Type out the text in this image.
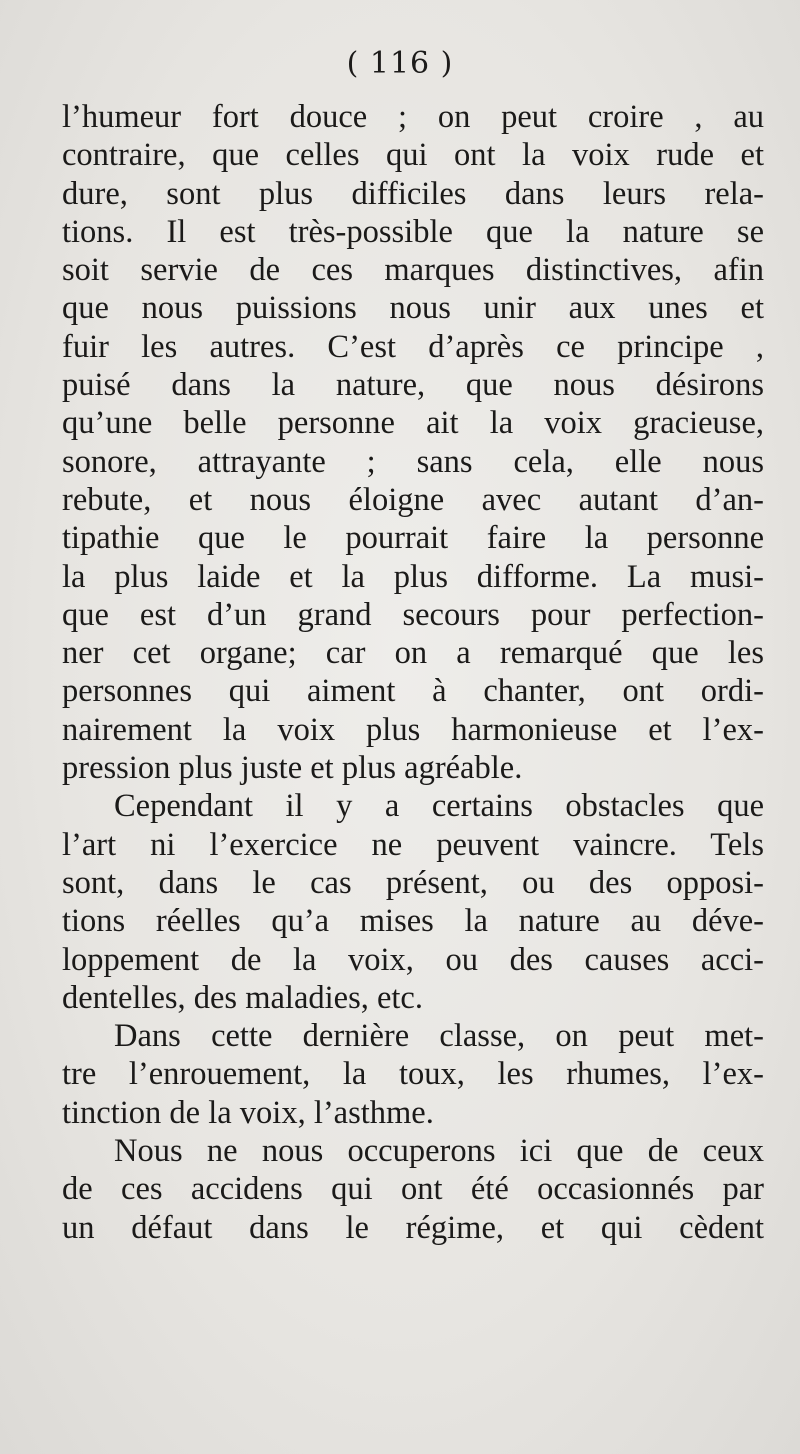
( 116 )
l’humeur fort douce ; on peut croire , au
contraire, que celles qui ont la voix rude et
dure, sont plus difficiles dans leurs rela-
tions. Il est très-possible que la nature se
soit servie de ces marques distinctives, afin
que nous puissions nous unir aux unes et
fuir les autres. C’est d’après ce principe ,
puisé dans la nature, que nous désirons
qu’une belle personne ait la voix gracieuse,
sonore, attrayante ; sans cela, elle nous
rebute, et nous éloigne avec autant d’an-
tipathie que le pourrait faire la personne
la plus laide et la plus difforme. La musi-
que est d’un grand secours pour perfection-
ner cet organe; car on a remarqué que les
personnes qui aiment à chanter, ont ordi-
nairement la voix plus harmonieuse et l’ex-
pression plus juste et plus agréable.
Cependant il y a certains obstacles que
l’art ni l’exercice ne peuvent vaincre. Tels
sont, dans le cas présent, ou des opposi-
tions réelles qu’a mises la nature au déve-
loppement de la voix, ou des causes acci-
dentelles, des maladies, etc.
Dans cette dernière classe, on peut met-
tre l’enrouement, la toux, les rhumes, l’ex-
tinction de la voix, l’asthme.
Nous ne nous occuperons ici que de ceux
de ces accidens qui ont été occasionnés par
un défaut dans le régime, et qui cèdent
